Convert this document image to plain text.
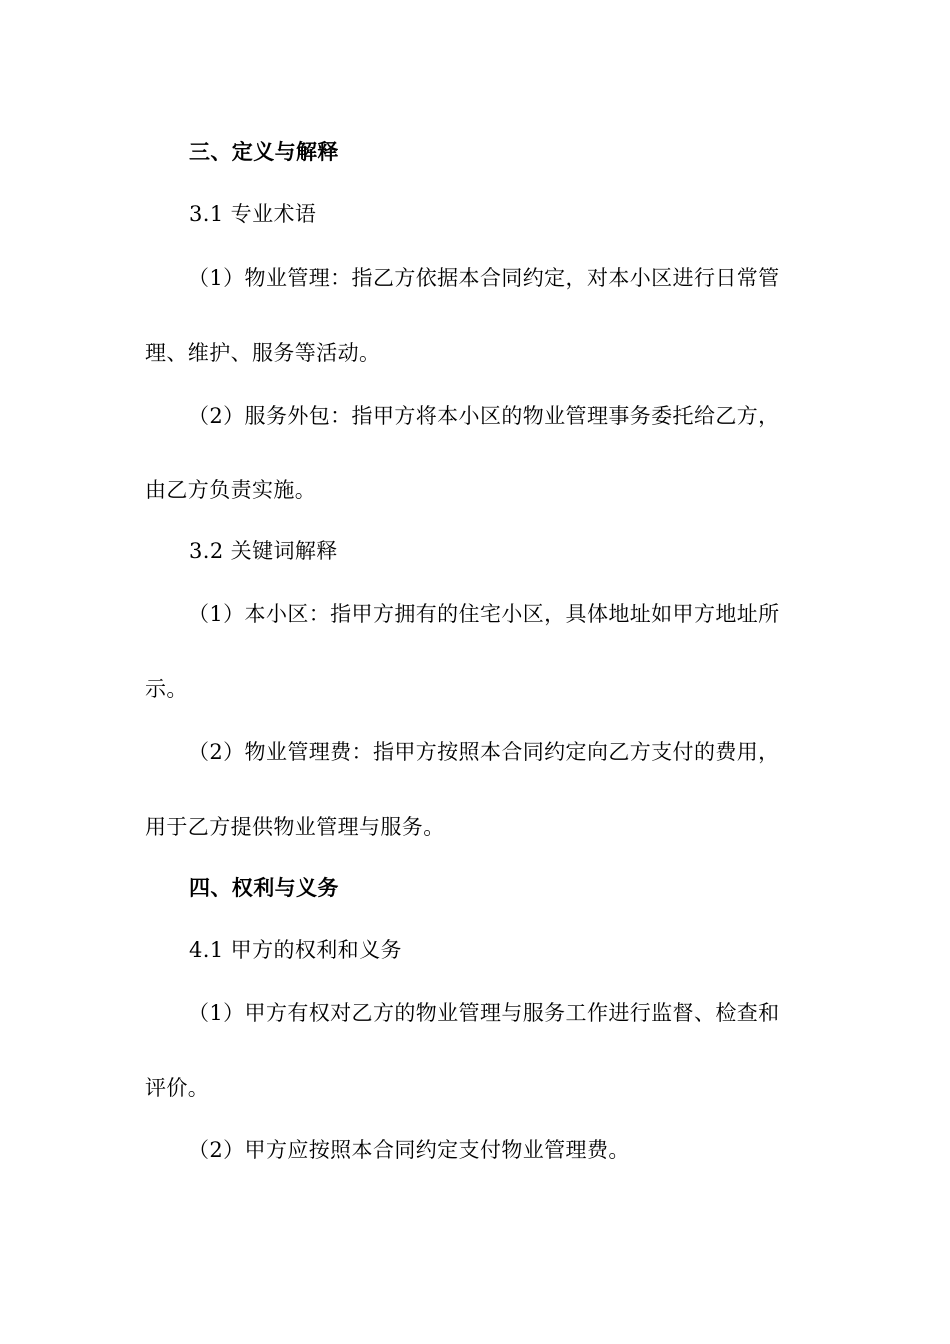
三、定义与解释
3.1 专业术语
（1）物业管理：指乙方依据本合同约定，对本小区进行日常管
理、维护、服务等活动。
（2）服务外包：指甲方将本小区的物业管理事务委托给乙方，
由乙方负责实施。
3.2 关键词解释
（1）本小区：指甲方拥有的住宅小区，具体地址如甲方地址所
示。
（2）物业管理费：指甲方按照本合同约定向乙方支付的费用，
用于乙方提供物业管理与服务。
四、权利与义务
4.1 甲方的权利和义务
（1）甲方有权对乙方的物业管理与服务工作进行监督、检查和
评价。
（2）甲方应按照本合同约定支付物业管理费。
